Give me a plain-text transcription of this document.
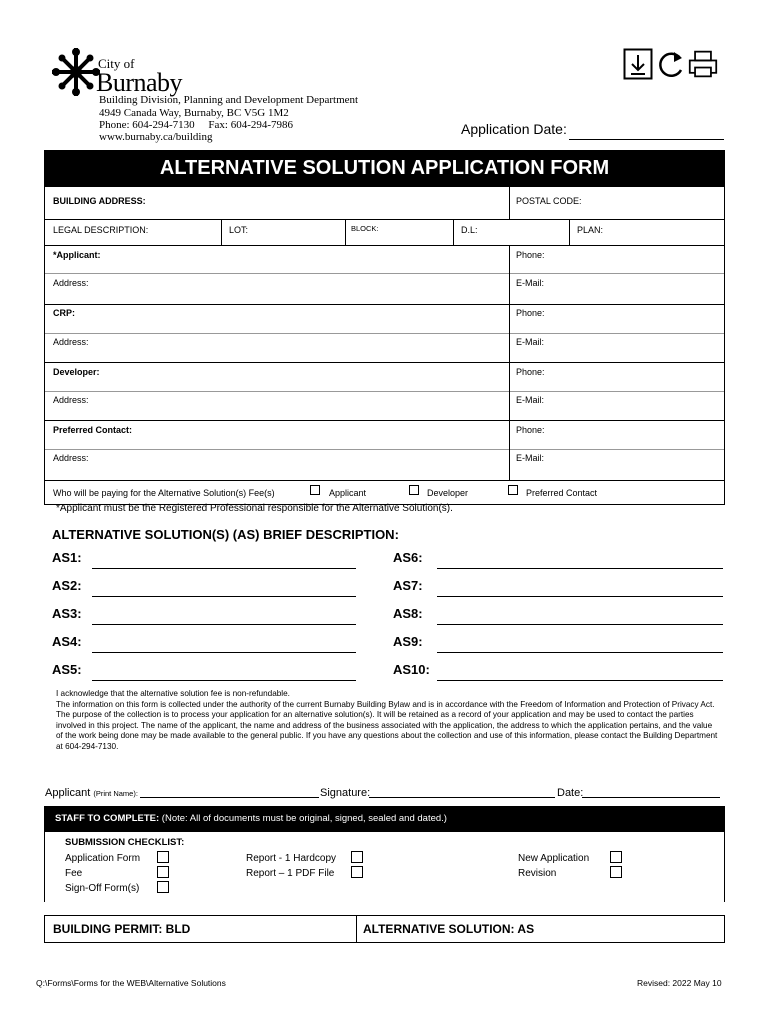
City of
Burnaby
Building Division, Planning and Development Department
4949 Canada Way, Burnaby, BC V5G 1M2
Phone: 604-294-7130     Fax: 604-294-7986
www.burnaby.ca/building	Application Date:
ALTERNATIVE SOLUTION APPLICATION FORM
BUILDING ADDRESS:	POSTAL CODE:
LEGAL DESCRIPTION:	LOT:	BLOCK:	D.L:	PLAN:
*Applicant:	Phone:
Address:	E-Mail:
CRP:	Phone:
Address:	E-Mail:
Developer:	Phone:
Address:	E-Mail:
Preferred Contact:	Phone:
Address:	E-Mail:
Who will be paying for the Alternative Solution(s) Fee(s)	Applicant	Developer	Preferred Contact
*Applicant must be the Registered Professional responsible for the Alternative Solution(s).
ALTERNATIVE SOLUTION(S) (AS) BRIEF DESCRIPTION:
AS1:	AS6:
AS2:	AS7:
AS3:	AS8:
AS4:	AS9:
AS5:	AS10:
I acknowledge that the alternative solution fee is non-refundable.
The information on this form is collected under the authority of the current Burnaby Building Bylaw and is in accordance with the Freedom of Information and Protection of Privacy Act. The purpose of the collection is to process your application for an alternative solution(s). It will be retained as a record of your application and may be used to contact the parties involved in this project. The name of the applicant, the name and address of the business associated with the application, the address to which the application pertains, and the value of the work being done may be made available to the general public. If you have any questions about the collection and use of this information, please contact the Building Department at 604-294-7130.
Applicant (Print Name):	Signature:	Date:
STAFF TO COMPLETE: (Note: All of documents must be original, signed, sealed and dated.)
SUBMISSION CHECKLIST:
Application Form
Fee
Sign-Off Form(s)
Report - 1 Hardcopy
Report – 1 PDF File
New Application
Revision
BUILDING PERMIT: BLD	ALTERNATIVE SOLUTION: AS
Q:\Forms\Forms for the WEB\Alternative Solutions	Revised: 2022 May 10
